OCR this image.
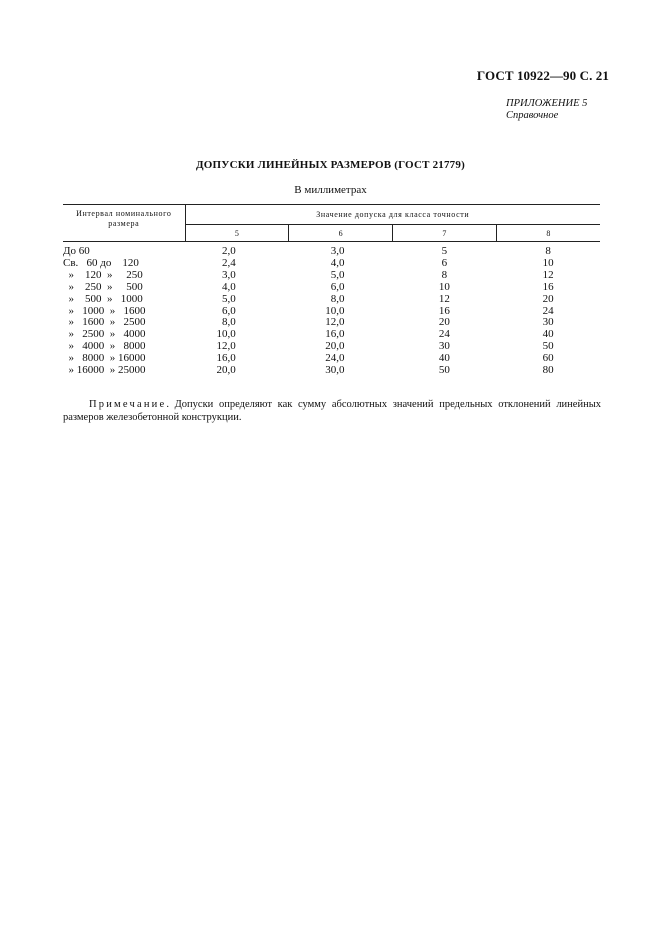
ГОСТ 10922—90 С. 21
ПРИЛОЖЕНИЕ 5
Справочное
ДОПУСКИ ЛИНЕЙНЫХ РАЗМЕРОВ (ГОСТ 21779)
В миллиметрах
Интервал номинального
размера	Значение допуска для класса точности			
	5	6	7	8
До 60	2,0	3,0	5	8
Св.   60 до    120	2,4	4,0	6	10
»    120  »     250	3,0	5,0	8	12
»    250  »     500	4,0	6,0	10	16
»    500  »   1000	5,0	8,0	12	20
»   1000  »   1600	6,0	10,0	16	24
»   1600  »   2500	8,0	12,0	20	30
»   2500  »   4000	10,0	16,0	24	40
»   4000  »   8000	12,0	20,0	30	50
»   8000  » 16000	16,0	24,0	40	60
» 16000  » 25000	20,0	30,0	50	80

Примечание. Допуски определяют как сумму абсолютных значений предельных отклонений линейных размеров железобетонной конструкции.
